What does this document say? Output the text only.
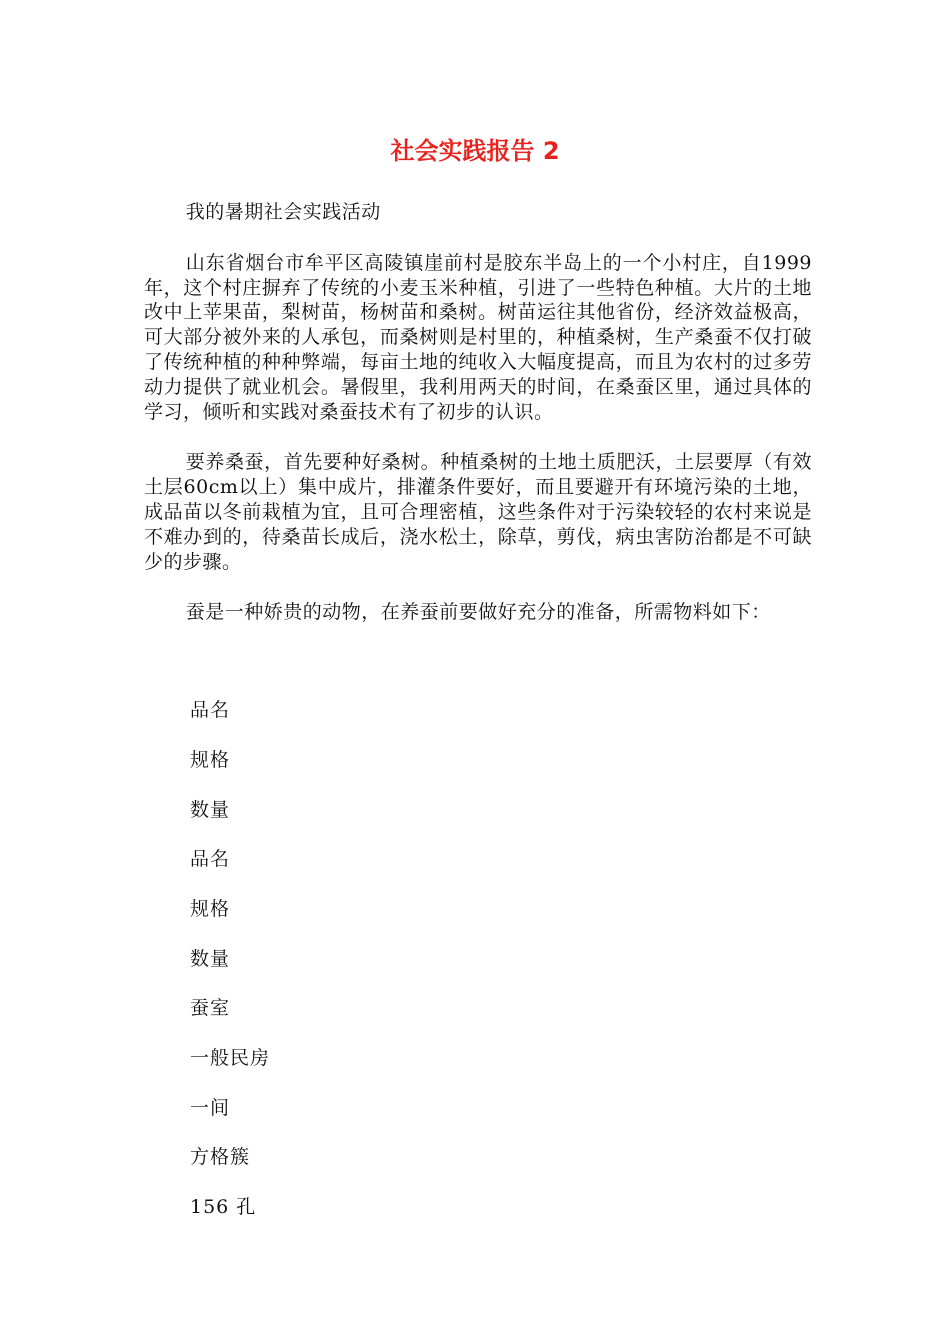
社会实践报告 2

我的暑期社会实践活动

山东省烟台市牟平区高陵镇崖前村是胶东半岛上的一个小村庄，自1999年，这个村庄摒弃了传统的小麦玉米种植，引进了一些特色种植。大片的土地改中上苹果苗，梨树苗，杨树苗和桑树。树苗运往其他省份，经济效益极高，可大部分被外来的人承包，而桑树则是村里的，种植桑树，生产桑蚕不仅打破了传统种植的种种弊端，每亩土地的纯收入大幅度提高，而且为农村的过多劳动力提供了就业机会。暑假里，我利用两天的时间，在桑蚕区里，通过具体的学习，倾听和实践对桑蚕技术有了初步的认识。

要养桑蚕，首先要种好桑树。种植桑树的土地土质肥沃，土层要厚（有效土层60cm以上）集中成片，排灌条件要好，而且要避开有环境污染的土地，成品苗以冬前栽植为宜，且可合理密植，这些条件对于污染较轻的农村来说是不难办到的，待桑苗长成后，浇水松土，除草，剪伐，病虫害防治都是不可缺少的步骤。

蚕是一种娇贵的动物，在养蚕前要做好充分的准备，所需物料如下：

品名
规格
数量
品名
规格
数量
蚕室
一般民房
一间
方格簇
156 孔
